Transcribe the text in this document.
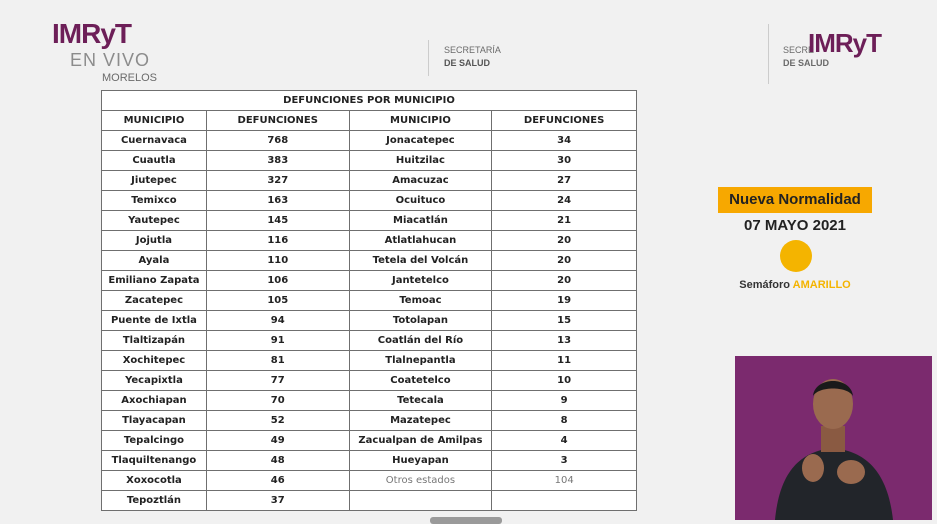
IMRyT
EN VIVO
MORELOS
SECRETARÍA
DE SALUD
SECRE
DE SALUD
IMRyT
DEFUNCIONES POR MUNICIPIO			
MUNICIPIO	DEFUNCIONES	MUNICIPIO	DEFUNCIONES
Cuernavaca	768	Jonacatepec	34
Cuautla	383	Huitzilac	30
Jiutepec	327	Amacuzac	27
Temixco	163	Ocuituco	24
Yautepec	145	Miacatlán	21
Jojutla	116	Atlatlahucan	20
Ayala	110	Tetela del Volcán	20
Emiliano Zapata	106	Jantetelco	20
Zacatepec	105	Temoac	19
Puente de Ixtla	94	Totolapan	15
Tlaltizapán	91	Coatlán del Río	13
Xochitepec	81	Tlalnepantla	11
Yecapixtla	77	Coatetelco	10
Axochiapan	70	Tetecala	9
Tlayacapan	52	Mazatepec	8
Tepalcingo	49	Zacualpan de Amilpas	4
Tlaquiltenango	48	Hueyapan	3
Xoxocotla	46	Otros estados	104
Tepoztlán	37		
Nueva Normalidad
07 MAYO 2021
Semáforo AMARILLO
